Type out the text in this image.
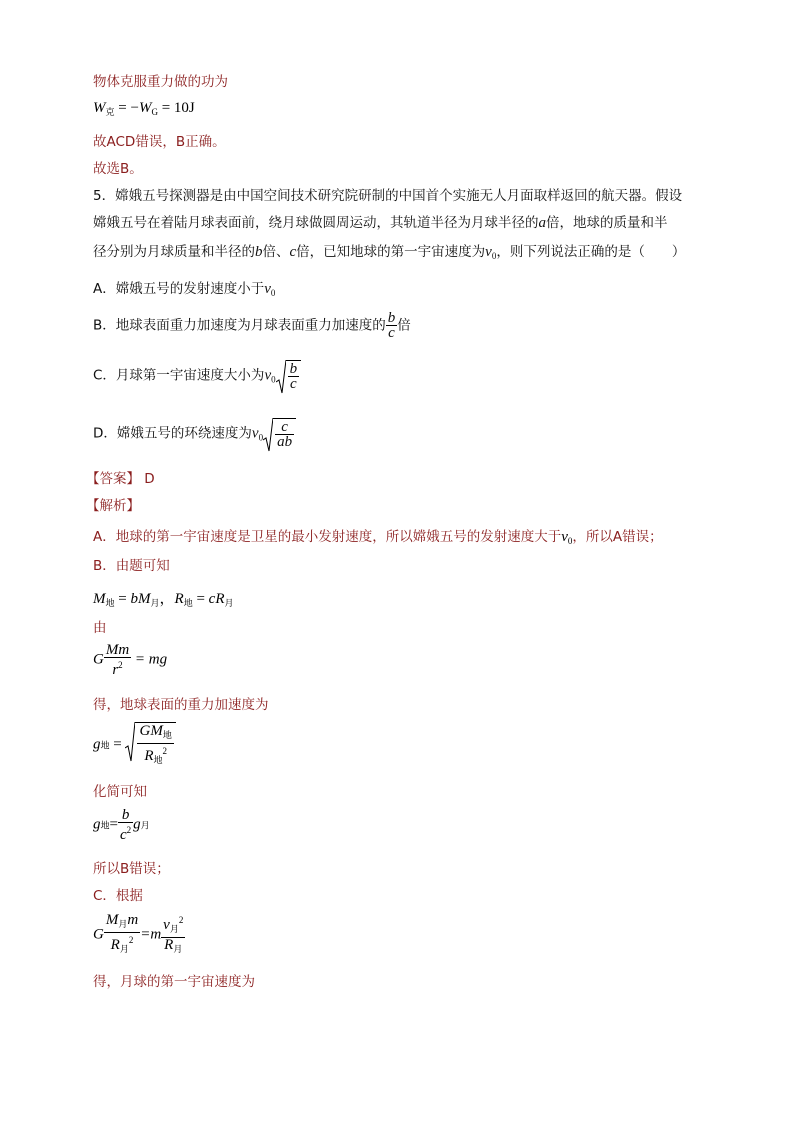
物体克服重力做的功为
$W_克 = -W_G = 10J$
故ACD错误，B正确。
故选B。
5．嫦娥五号探测器是由中国空间技术研究院研制的中国首个实施无人月面取样返回的航天器。假设
嫦娥五号在着陆月球表面前，绕月球做圆周运动，其轨道半径为月球半径的a倍，地球的质量和半
径分别为月球质量和半径的b倍、c倍，已知地球的第一宇宙速度为$v_0$，则下列说法正确的是（　　）
A．嫦娥五号的发射速度小于$v_0$
B．地球表面重力加速度为月球表面重力加速度的 $\frac{b}{c}$ 倍
C．月球第一宇宙速度大小为$v_0 \frac{b}{c}$
D．嫦娥五号的环绕速度为$v_0 \frac{c}{ab}$
【答案】 D
【解析】
A．地球的第一宇宙速度是卫星的最小发射速度，所以嫦娥五号的发射速度大于$v_0$，所以A错误；
B．由题可知
$M_地 = bM_月$，$R_地 = cR_月$
由
G $\frac{Mm}{r^2}$ = mg
得，地球表面的重力加速度为
g地 = $\frac{GM_地}{R_地^2}$
化简可知
g地= $\frac{b}{c^2}$ g月
所以B错误；
C．根据
G $\frac{M_月m}{R_月^2} =m \frac{v_月^2}{R_月}$
得，月球的第一宇宙速度为
